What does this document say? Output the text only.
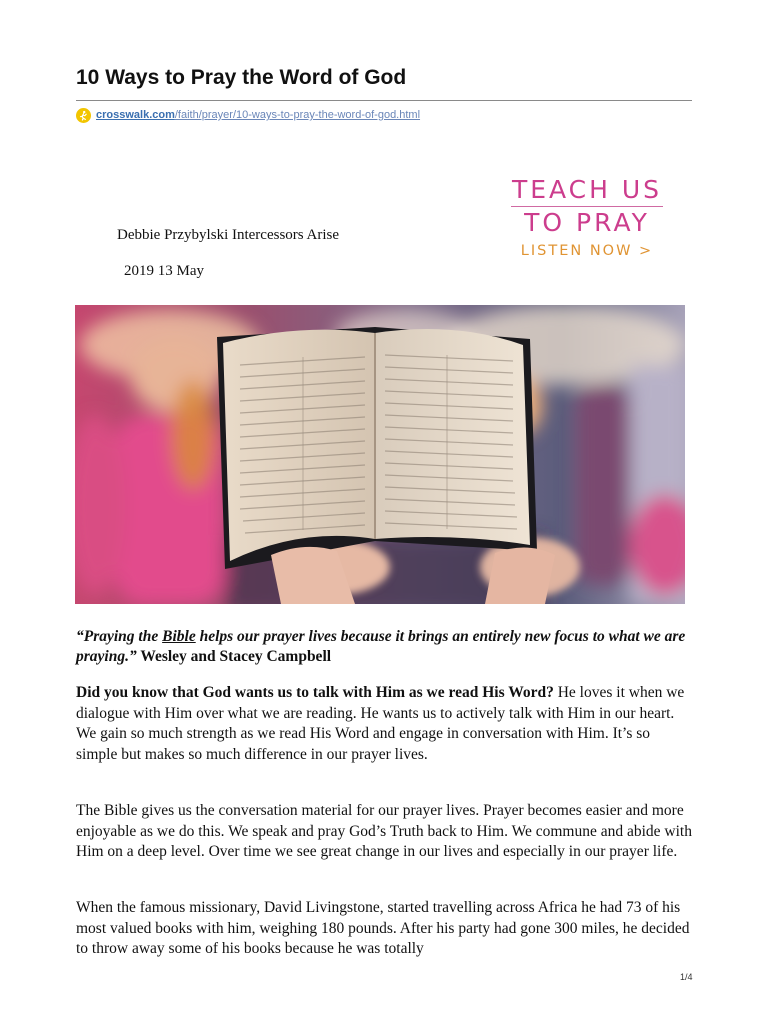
10 Ways to Pray the Word of God
crosswalk.com /faith/prayer/10-ways-to-pray-the-word-of-god.html
TEACH US
TO PRAY
LISTEN NOW >
Debbie Przybylski Intercessors Arise
2019 13 May
“Praying the Bible helps our prayer lives because it brings an entirely new focus to what we are praying.” Wesley and Stacey Campbell

Did you know that God wants us to talk with Him as we read His Word? He loves it when we dialogue with Him over what we are reading. He wants us to actively talk with Him in our heart. We gain so much strength as we read His Word and engage in conversation with Him. It’s so simple but makes so much difference in our prayer lives.

The Bible gives us the conversation material for our prayer lives. Prayer becomes easier and more enjoyable as we do this. We speak and pray God’s Truth back to Him. We commune and abide with Him on a deep level. Over time we see great change in our lives and especially in our prayer life.

When the famous missionary, David Livingstone, started travelling across Africa he had 73 of his most valued books with him, weighing 180 pounds. After his party had gone 300 miles, he decided to throw away some of his books because he was totally

1/4
